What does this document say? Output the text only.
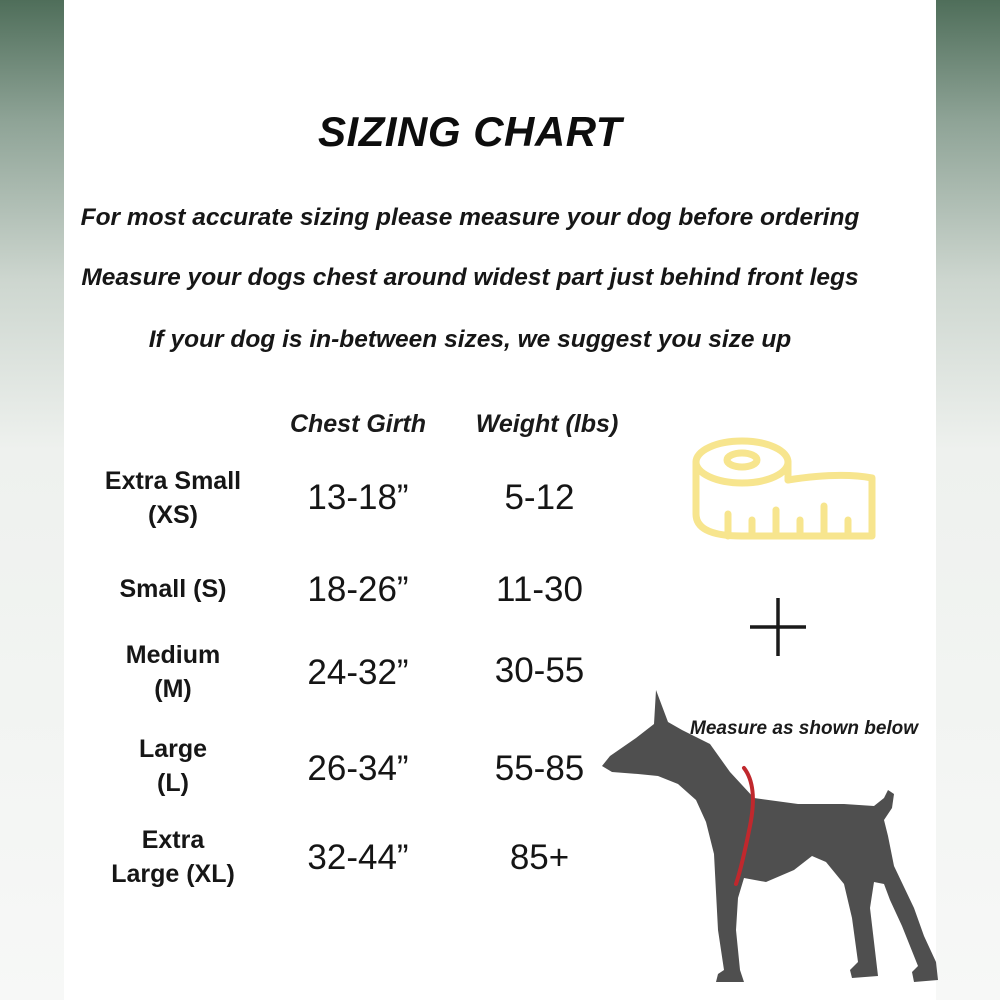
SIZING CHART
For most accurate sizing please measure your dog before ordering
Measure your dogs chest around widest part just behind front legs
If your dog is in-between sizes, we suggest you size up
Chest Girth	Weight (lbs)
Extra Small
(XS)	13-18”	5-12
Small (S)	18-26”	11-30
Medium
(M)	24-32”	30-55
Large
(L)	26-34”	55-85
Extra
Large (XL)	32-44”	85+
Measure as shown below
